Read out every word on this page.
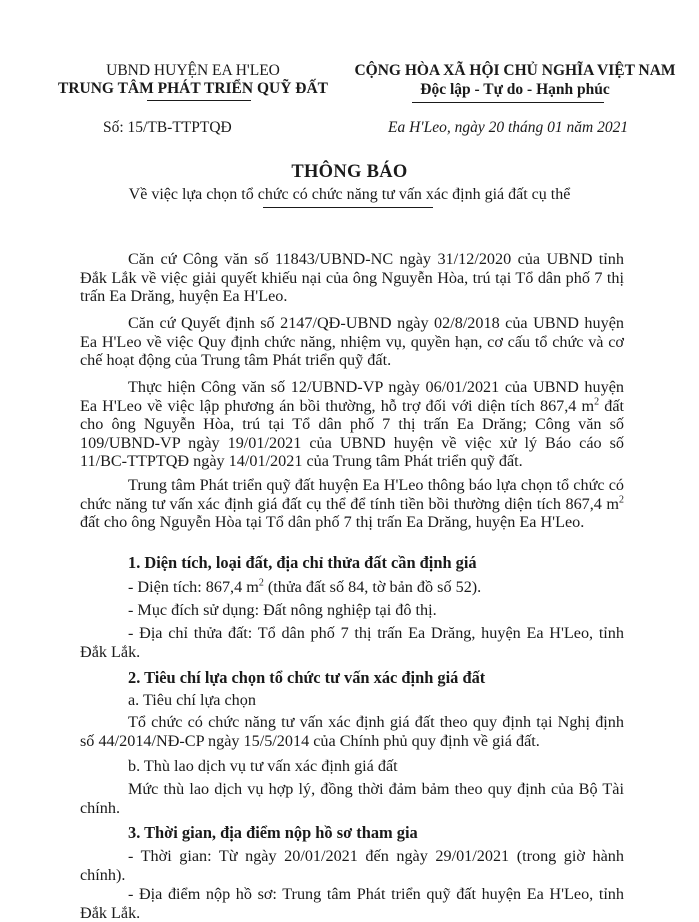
UBND HUYỆN EA H'LEO
TRUNG TÂM PHÁT TRIỂN QUỸ ĐẤT
CỘNG HÒA XÃ HỘI CHỦ NGHĨA VIỆT NAM
Độc lập - Tự do - Hạnh phúc
Số: 15/TB-TTPTQĐ	Ea H'Leo, ngày 20 tháng 01 năm 2021
THÔNG BÁO
Về việc lựa chọn tổ chức có chức năng tư vấn xác định giá đất cụ thể
Căn cứ Công văn số 11843/UBND-NC ngày 31/12/2020 của UBND tỉnh Đắk Lắk về việc giải quyết khiếu nại của ông Nguyễn Hòa, trú tại Tổ dân phố 7 thị trấn Ea Drăng, huyện Ea H'Leo.
Căn cứ Quyết định số 2147/QĐ-UBND ngày 02/8/2018 của UBND huyện Ea H'Leo về việc Quy định chức năng, nhiệm vụ, quyền hạn, cơ cấu tổ chức và cơ chế hoạt động của Trung tâm Phát triển quỹ đất.
Thực hiện Công văn số 12/UBND-VP ngày 06/01/2021 của UBND huyện Ea H'Leo về việc lập phương án bồi thường, hỗ trợ đối với diện tích 867,4 $m^2$ đất cho ông Nguyễn Hòa, trú tại Tổ dân phố 7 thị trấn Ea Drăng; Công văn số 109/UBND-VP ngày 19/01/2021 của UBND huyện về việc xử lý Báo cáo số 11/BC-TTPTQĐ ngày 14/01/2021 của Trung tâm Phát triển quỹ đất.
Trung tâm Phát triển quỹ đất huyện Ea H'Leo thông báo lựa chọn tổ chức có chức năng tư vấn xác định giá đất cụ thể để tính tiền bồi thường diện tích 867,4 $m^2$ đất cho ông Nguyễn Hòa tại Tổ dân phố 7 thị trấn Ea Drăng, huyện Ea H'Leo.
1. Diện tích, loại đất, địa chỉ thửa đất cần định giá
- Diện tích: 867,4 $m^2$ (thửa đất số 84, tờ bản đồ số 52).
- Mục đích sử dụng: Đất nông nghiệp tại đô thị.
- Địa chỉ thửa đất: Tổ dân phố 7 thị trấn Ea Drăng, huyện Ea H'Leo, tỉnh Đắk Lắk.
2. Tiêu chí lựa chọn tổ chức tư vấn xác định giá đất
a. Tiêu chí lựa chọn
Tổ chức có chức năng tư vấn xác định giá đất theo quy định tại Nghị định số 44/2014/NĐ-CP ngày 15/5/2014 của Chính phủ quy định về giá đất.
b. Thù lao dịch vụ tư vấn xác định giá đất
Mức thù lao dịch vụ hợp lý, đồng thời đảm bảm theo quy định của Bộ Tài chính.
3. Thời gian, địa điểm nộp hồ sơ tham gia
- Thời gian: Từ ngày 20/01/2021 đến ngày 29/01/2021 (trong giờ hành chính).
- Địa điểm nộp hồ sơ: Trung tâm Phát triển quỹ đất huyện Ea H'Leo, tỉnh Đắk Lắk.
